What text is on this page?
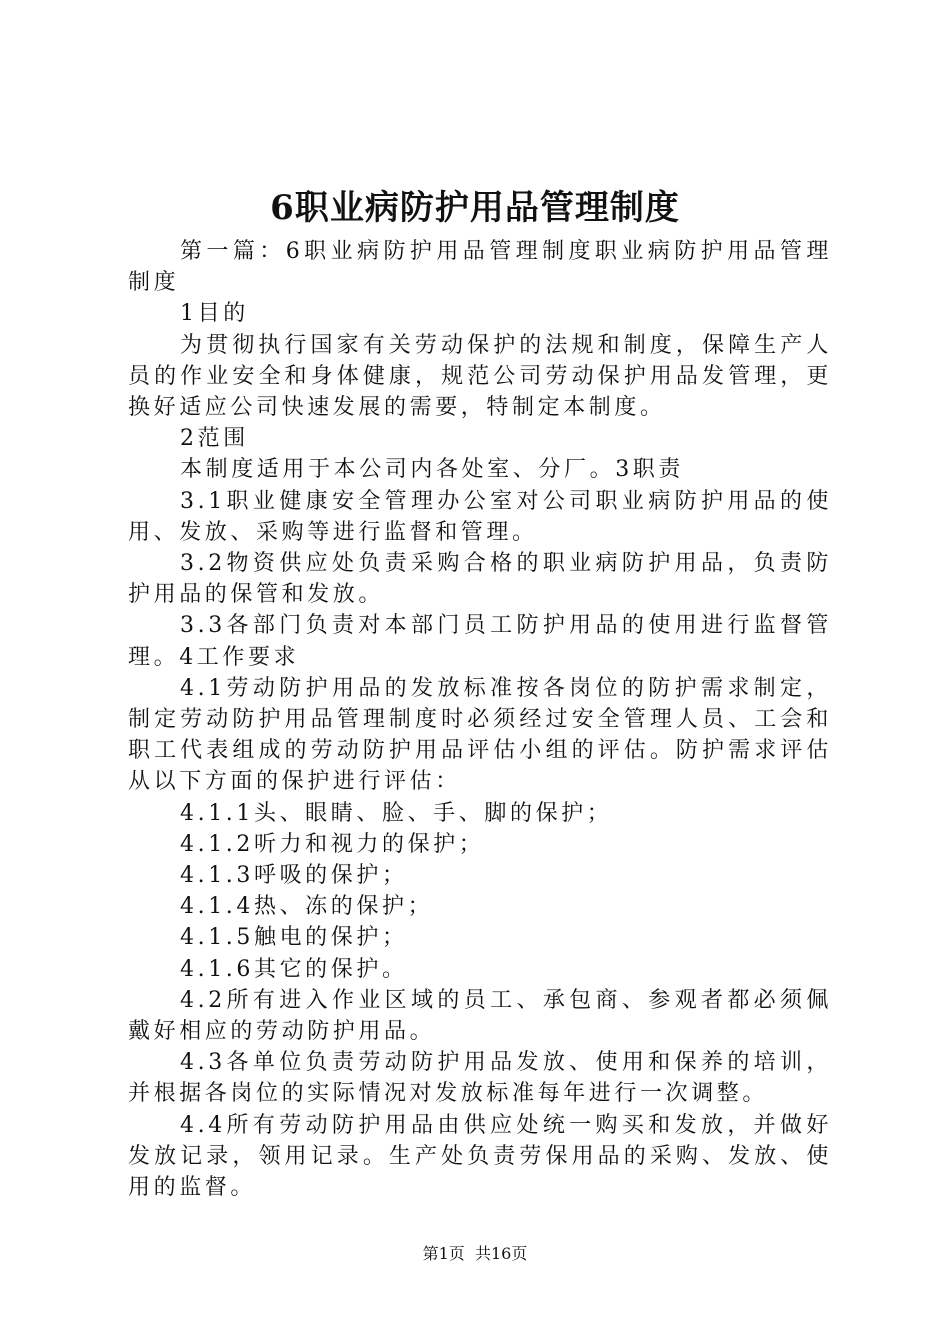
6职业病防护用品管理制度

第一篇：6职业病防护用品管理制度职业病防护用品管理制度

1目的

为贯彻执行国家有关劳动保护的法规和制度，保障生产人员的作业安全和身体健康，规范公司劳动保护用品发管理，更换好适应公司快速发展的需要，特制定本制度。

2范围

本制度适用于本公司内各处室、分厂。3职责

3.1职业健康安全管理办公室对公司职业病防护用品的使用、发放、采购等进行监督和管理。

3.2物资供应处负责采购合格的职业病防护用品，负责防护用品的保管和发放。

3.3各部门负责对本部门员工防护用品的使用进行监督管理。4工作要求

4.1劳动防护用品的发放标准按各岗位的防护需求制定，制定劳动防护用品管理制度时必须经过安全管理人员、工会和职工代表组成的劳动防护用品评估小组的评估。防护需求评估从以下方面的保护进行评估：

4.1.1头、眼睛、脸、手、脚的保护；

4.1.2听力和视力的保护；

4.1.3呼吸的保护；

4.1.4热、冻的保护；

4.1.5触电的保护；

4.1.6其它的保护。

4.2所有进入作业区域的员工、承包商、参观者都必须佩戴好相应的劳动防护用品。

4.3各单位负责劳动防护用品发放、使用和保养的培训，并根据各岗位的实际情况对发放标准每年进行一次调整。

4.4所有劳动防护用品由供应处统一购买和发放，并做好发放记录，领用记录。生产处负责劳保用品的采购、发放、使用的监督。

第1页 共16页
